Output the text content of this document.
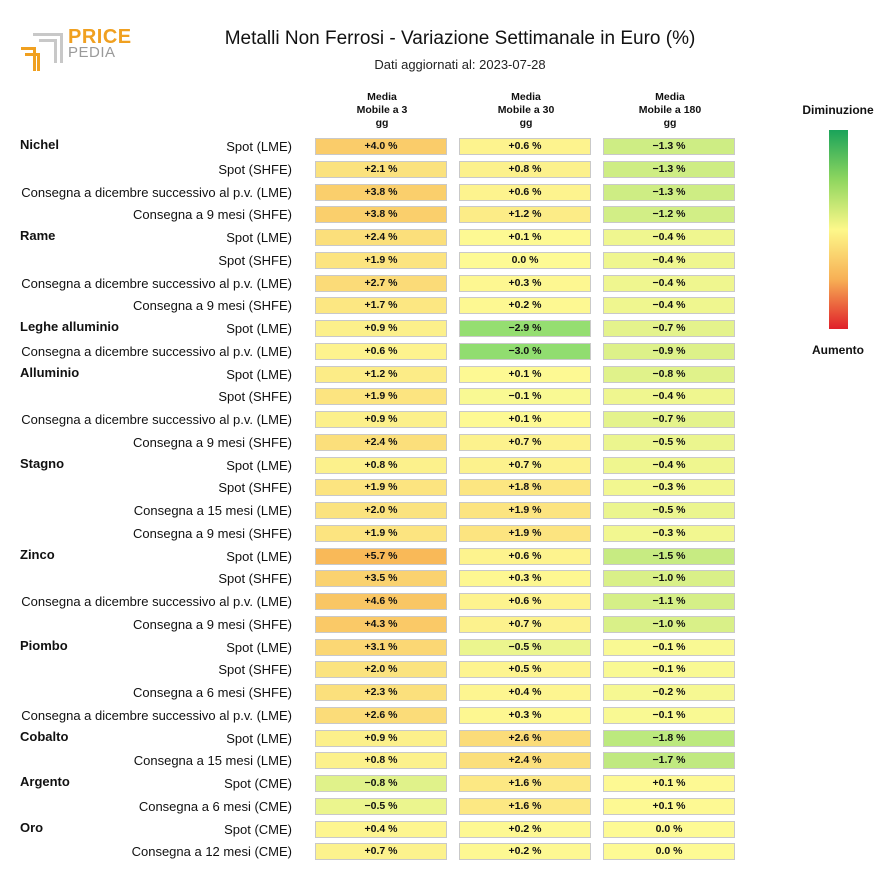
PRICE
PEDIA
Metalli Non Ferrosi - Variazione Settimanale in Euro (%)
Dati aggiornati al: 2023-07-28
Media
Mobile a 3
gg
Media
Mobile a 30
gg
Media
Mobile a 180
gg
Nichel	Spot (LME)	+4.0 %	+0.6 %	−1.3 %
Spot (SHFE)	+2.1 %	+0.8 %	−1.3 %
Consegna a dicembre successivo al p.v. (LME)	+3.8 %	+0.6 %	−1.3 %
Consegna a 9 mesi (SHFE)	+3.8 %	+1.2 %	−1.2 %
Rame	Spot (LME)	+2.4 %	+0.1 %	−0.4 %
Spot (SHFE)	+1.9 %	0.0 %	−0.4 %
Consegna a dicembre successivo al p.v. (LME)	+2.7 %	+0.3 %	−0.4 %
Consegna a 9 mesi (SHFE)	+1.7 %	+0.2 %	−0.4 %
Leghe alluminio	Spot (LME)	+0.9 %	−2.9 %	−0.7 %
Consegna a dicembre successivo al p.v. (LME)	+0.6 %	−3.0 %	−0.9 %
Alluminio	Spot (LME)	+1.2 %	+0.1 %	−0.8 %
Spot (SHFE)	+1.9 %	−0.1 %	−0.4 %
Consegna a dicembre successivo al p.v. (LME)	+0.9 %	+0.1 %	−0.7 %
Consegna a 9 mesi (SHFE)	+2.4 %	+0.7 %	−0.5 %
Stagno	Spot (LME)	+0.8 %	+0.7 %	−0.4 %
Spot (SHFE)	+1.9 %	+1.8 %	−0.3 %
Consegna a 15 mesi (LME)	+2.0 %	+1.9 %	−0.5 %
Consegna a 9 mesi (SHFE)	+1.9 %	+1.9 %	−0.3 %
Zinco	Spot (LME)	+5.7 %	+0.6 %	−1.5 %
Spot (SHFE)	+3.5 %	+0.3 %	−1.0 %
Consegna a dicembre successivo al p.v. (LME)	+4.6 %	+0.6 %	−1.1 %
Consegna a 9 mesi (SHFE)	+4.3 %	+0.7 %	−1.0 %
Piombo	Spot (LME)	+3.1 %	−0.5 %	−0.1 %
Spot (SHFE)	+2.0 %	+0.5 %	−0.1 %
Consegna a 6 mesi (SHFE)	+2.3 %	+0.4 %	−0.2 %
Consegna a dicembre successivo al p.v. (LME)	+2.6 %	+0.3 %	−0.1 %
Cobalto	Spot (LME)	+0.9 %	+2.6 %	−1.8 %
Consegna a 15 mesi (LME)	+0.8 %	+2.4 %	−1.7 %
Argento	Spot (CME)	−0.8 %	+1.6 %	+0.1 %
Consegna a 6 mesi (CME)	−0.5 %	+1.6 %	+0.1 %
Oro	Spot (CME)	+0.4 %	+0.2 %	0.0 %
Consegna a 12 mesi (CME)	+0.7 %	+0.2 %	0.0 %
Diminuzione
Aumento
